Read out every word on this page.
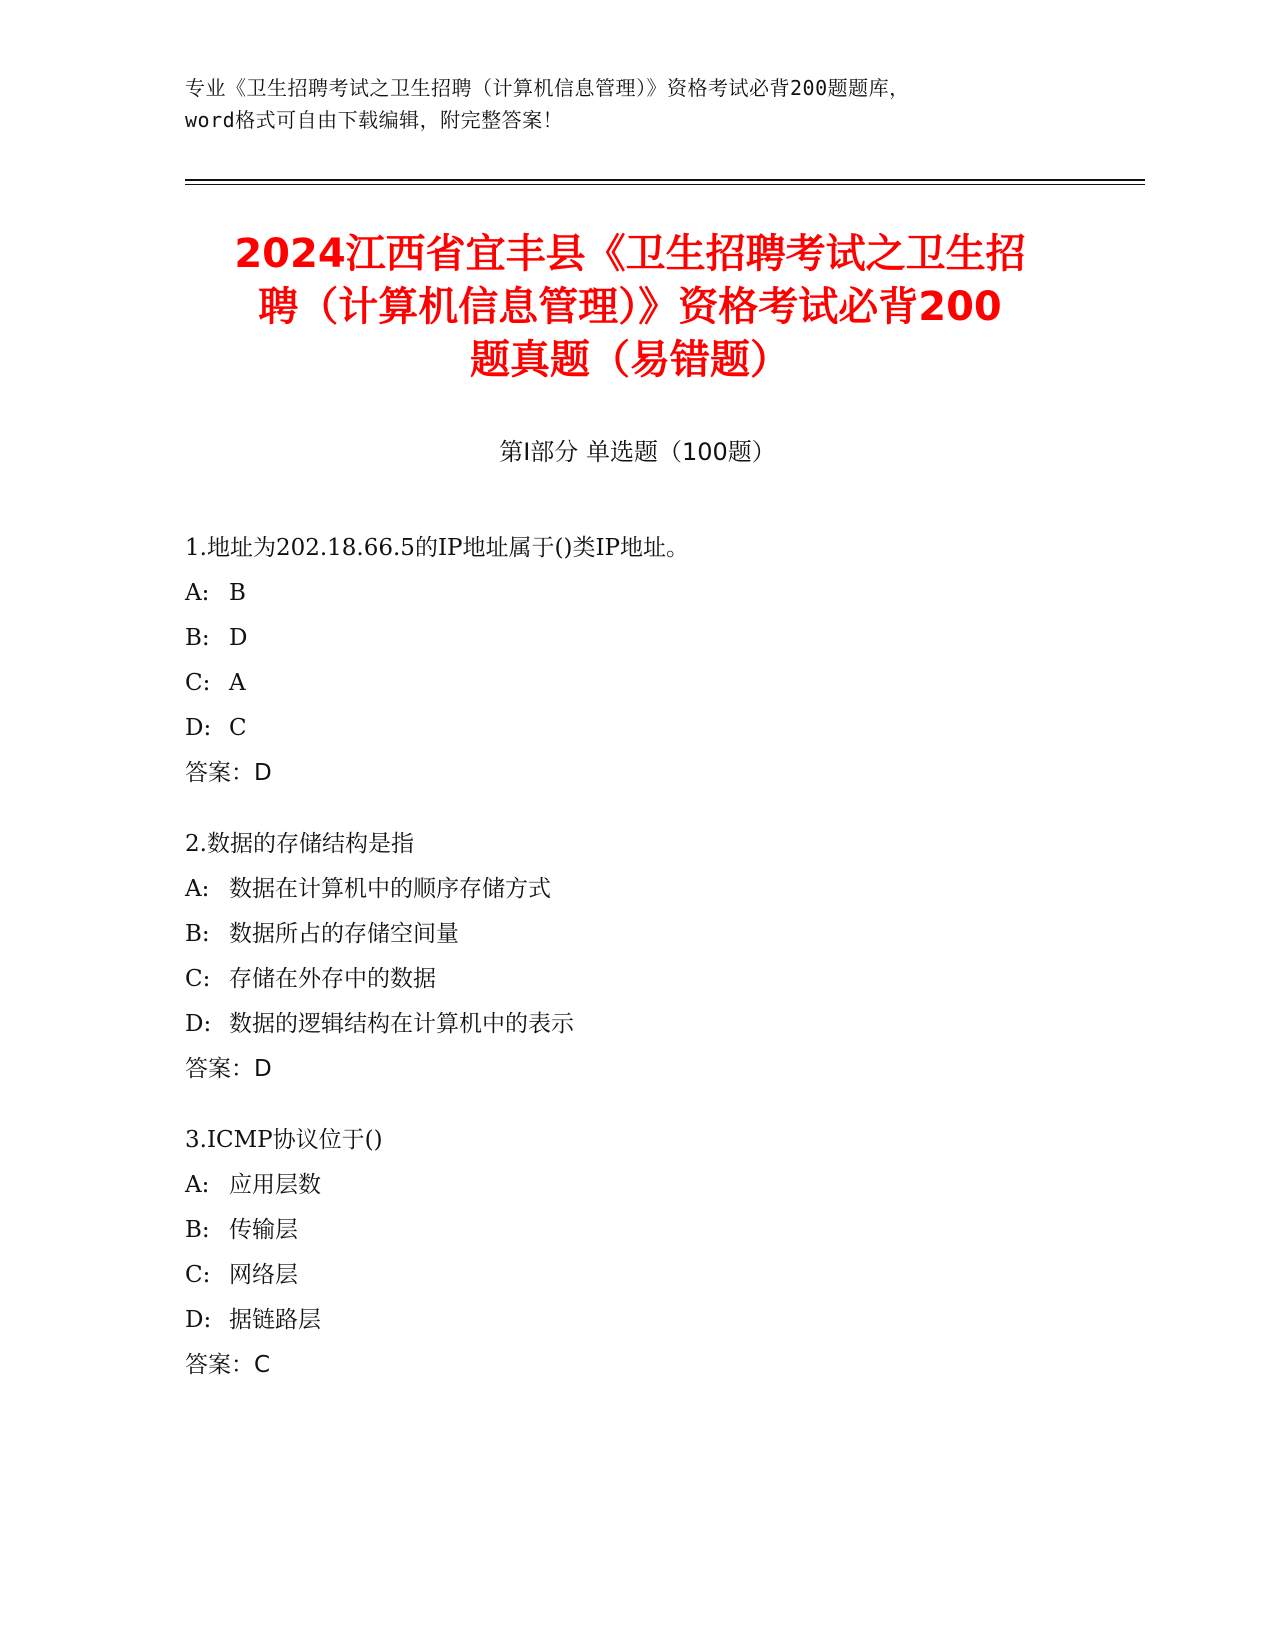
专业《卫生招聘考试之卫生招聘（计算机信息管理）》资格考试必背200题题库，
word格式可自由下载编辑，附完整答案！
2024江西省宜丰县《卫生招聘考试之卫生招
聘（计算机信息管理）》资格考试必背200
题真题（易错题）
第I部分 单选题（100题）
1.地址为202.18.66.5的IP地址属于()类IP地址。
A: B
B: D
C: A
D: C
答案：D
2.数据的存储结构是指
A: 数据在计算机中的顺序存储方式
B: 数据所占的存储空间量
C: 存储在外存中的数据
D: 数据的逻辑结构在计算机中的表示
答案：D
3.ICMP协议位于()
A: 应用层数
B: 传输层
C: 网络层
D: 据链路层
答案：C
